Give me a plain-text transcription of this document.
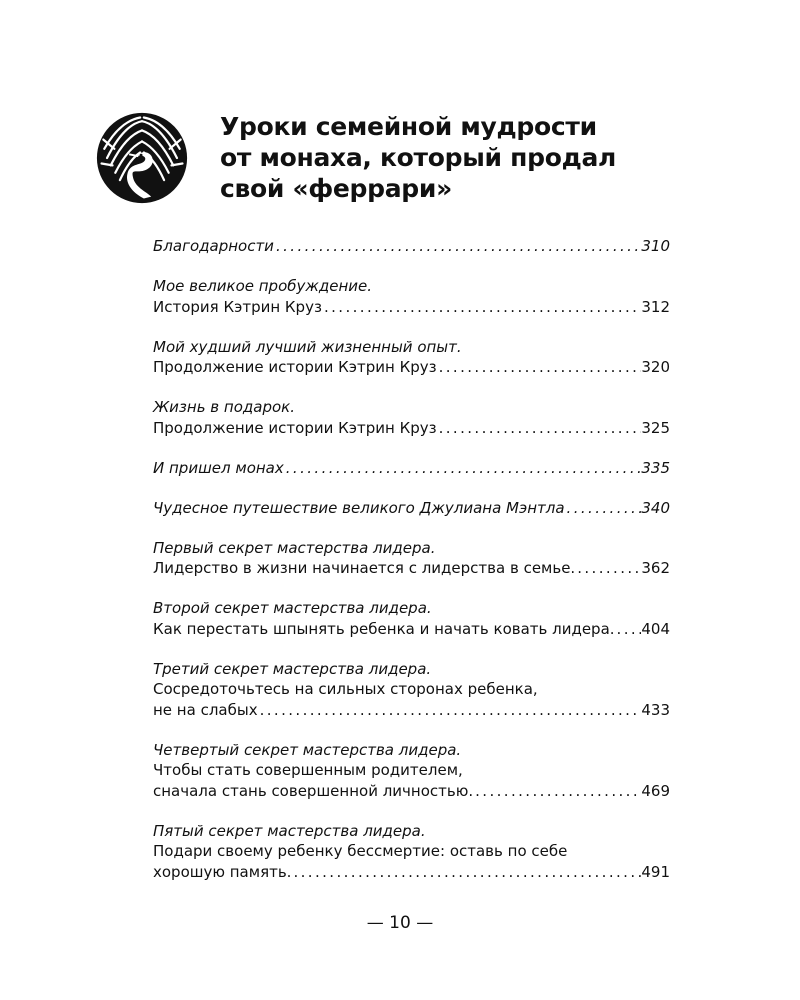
Уроки семейной мудрости
от монаха, который продал
свой «феррари»
Благодарности .....	310
Мое великое пробуждение.
История Кэтрин Круз .....	312
Мой худший лучший жизненный опыт.
Продолжение истории Кэтрин Круз .....	320
Жизнь в подарок.
Продолжение истории Кэтрин Круз .....	325
И пришел монах .....	335
Чудесное путешествие великого Джулиана Мэнтла .....	340
Первый секрет мастерства лидера.
Лидерство в жизни начинается с лидерства в семье. .....	362
Второй секрет мастерства лидера.
Как перестать шпынять ребенка и начать ковать лидера. ..... 404
Третий секрет мастерства лидера.
Сосредоточьтесь на сильных сторонах ребенка,
не на слабых .....	433
Четвертый секрет мастерства лидера.
Чтобы стать совершенным родителем,
сначала стань совершенной личностью. .....	469
Пятый секрет мастерства лидера.
Подари своему ребенку бессмертие: оставь по себе
хорошую память. .....	491
— 10 —
